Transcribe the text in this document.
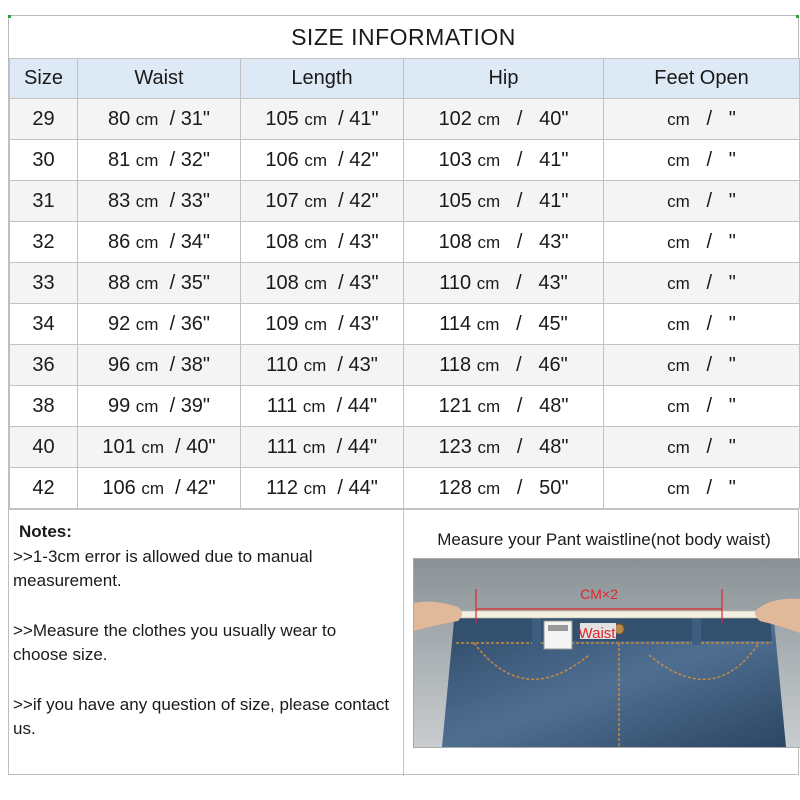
SIZE INFORMATION
Size	Waist	Length	Hip	Feet Open
29	80 cm / 31"	105 cm / 41"	102 cm / 40"	cm / "
30	81 cm / 32"	106 cm / 42"	103 cm / 41"	cm / "
31	83 cm / 33"	107 cm / 42"	105 cm / 41"	cm / "
32	86 cm / 34"	108 cm / 43"	108 cm / 43"	cm / "
33	88 cm / 35"	108 cm / 43"	110 cm / 43"	cm / "
34	92 cm / 36"	109 cm / 43"	114 cm / 45"	cm / "
36	96 cm / 38"	110 cm / 43"	118 cm / 46"	cm / "
38	99 cm / 39"	111 cm / 44"	121 cm / 48"	cm / "
40	101 cm / 40"	111 cm / 44"	123 cm / 48"	cm / "
42	106 cm / 42"	112 cm / 44"	128 cm / 50"	cm / "
Notes:

>>1-3cm error is allowed due to manual measurement.

>>Measure the clothes you usually wear to choose size.

>>if you have any question of size, please contact us.

Measure your Pant waistline(not body waist)
CM×2
Waist
